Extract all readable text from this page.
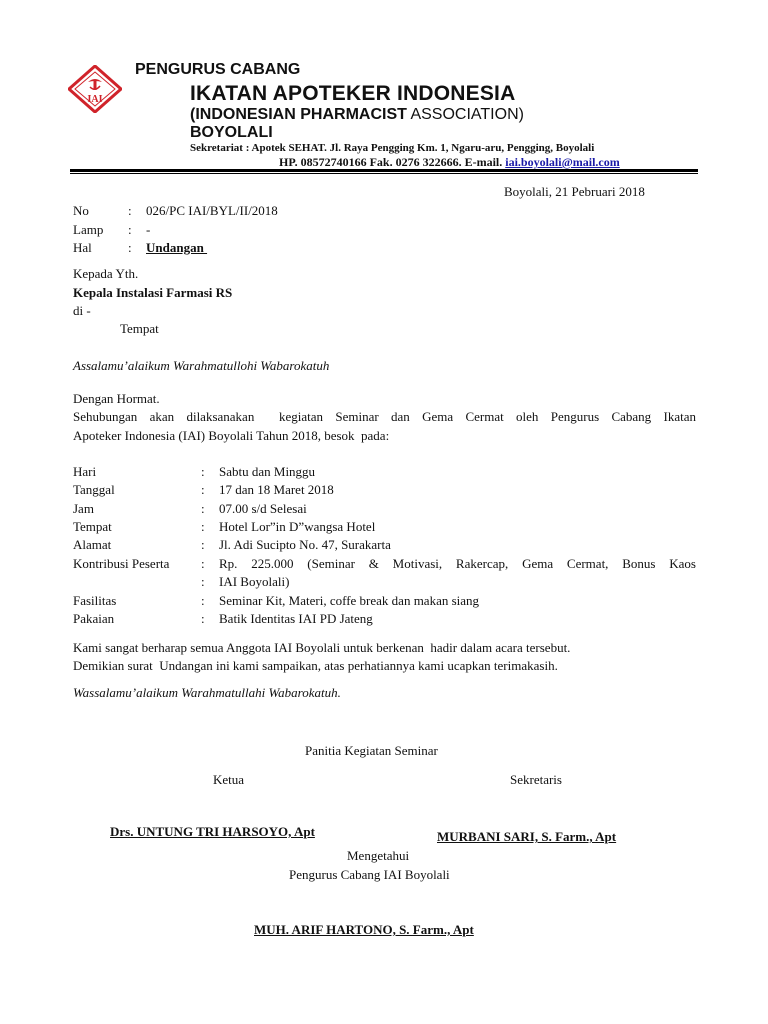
IAI
PENGURUS CABANG
IKATAN APOTEKER INDONESIA
(INDONESIAN PHARMACIST ASSOCIATION)
BOYOLALI
Sekretariat : Apotek SEHAT. Jl. Raya Pengging Km. 1, Ngaru-aru, Pengging, Boyolali
HP. 08572740166 Fak. 0276 322666. E-mail. iai.boyolali@mail.com
Boyolali, 21 Pebruari 2018
No	: 026/PC IAI/BYL/II/2018
Lamp : -
Hal	: Undangan
Kepada Yth.
Kepala Instalasi Farmasi RS
di -
Tempat
Assalamu’alaikum Warahmatullohi Wabarokatuh
Dengan Hormat.
Sehubungan akan dilaksanakan  kegiatan Seminar dan Gema Cermat oleh Pengurus Cabang Ikatan
Apoteker Indonesia (IAI) Boyolali Tahun 2018, besok  pada:
Hari	: Sabtu dan Minggu
Tanggal	: 17 dan 18 Maret 2018
Jam	: 07.00 s/d Selesai
Tempat	: Hotel Lor”in D”wangsa Hotel
Alamat	: Jl. Adi Sucipto No. 47, Surakarta
Kontribusi Peserta : Rp. 225.000 (Seminar & Motivasi, Rakercap, Gema Cermat, Bonus Kaos
: IAI Boyolali)
Fasilitas	: Seminar Kit, Materi, coffe break dan makan siang
Pakaian	: Batik Identitas IAI PD Jateng
Kami sangat berharap semua Anggota IAI Boyolali untuk berkenan  hadir dalam acara tersebut.
Demikian surat  Undangan ini kami sampaikan, atas perhatiannya kami ucapkan terimakasih.
Wassalamu’alaikum Warahmatullahi Wabarokatuh.
Panitia Kegiatan Seminar
Ketua	Sekretaris
Drs. UNTUNG TRI HARSOYO, Apt	MURBANI SARI, S. Farm., Apt
Mengetahui
Pengurus Cabang IAI Boyolali
MUH. ARIF HARTONO, S. Farm., Apt
